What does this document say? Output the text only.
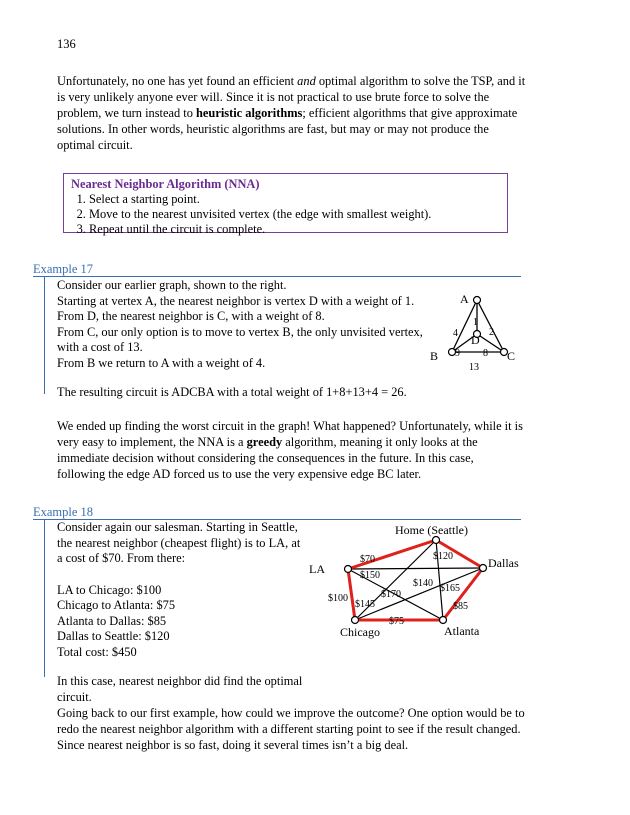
136

Unfortunately, no one has yet found an efficient and optimal algorithm to solve the TSP, and it is very unlikely anyone ever will. Since it is not practical to use brute force to solve the problem, we turn instead to heuristic algorithms; efficient algorithms that give approximate solutions. In other words, heuristic algorithms are fast, but may or may not produce the optimal circuit.

Nearest Neighbor Algorithm (NNA)
1. Select a starting point.
2. Move to the nearest unvisited vertex (the edge with smallest weight).
3. Repeat until the circuit is complete.
Example 17

Consider our earlier graph, shown to the right.

Starting at vertex A, the nearest neighbor is vertex D with a weight of 1.

From D, the nearest neighbor is C, with a weight of 8.

From C, our only option is to move to vertex B, the only unvisited vertex,

with a cost of 13.

From B we return to A with a weight of 4.

The resulting circuit is ADCBA with a total weight of 1+8+13+4 = 26.

A
B	C
D
4
1
2
9 8
13

We ended up finding the worst circuit in the graph! What happened? Unfortunately, while it is very easy to implement, the NNA is a greedy algorithm, meaning it only looks at the immediate decision without considering the consequences in the future. In this case, following the edge AD forced us to use the very expensive edge BC later.

Example 18

Consider again our salesman. Starting in Seattle,

the nearest neighbor (cheapest flight) is to LA, at

a cost of $70. From there:

LA to Chicago: $100

Chicago to Atlanta: $75

Atlanta to Dallas: $85

Dallas to Seattle: $120

Total cost: $450

In this case, nearest neighbor did find the optimal circuit.

Home (Seattle)
LA	Dallas
Chicago	Atlanta
$70	$120
$150
$140 $165
$170
$100
$145	$85
$75

Going back to our first example, how could we improve the outcome? One option would be to redo the nearest neighbor algorithm with a different starting point to see if the result changed. Since nearest neighbor is so fast, doing it several times isn’t a big deal.
